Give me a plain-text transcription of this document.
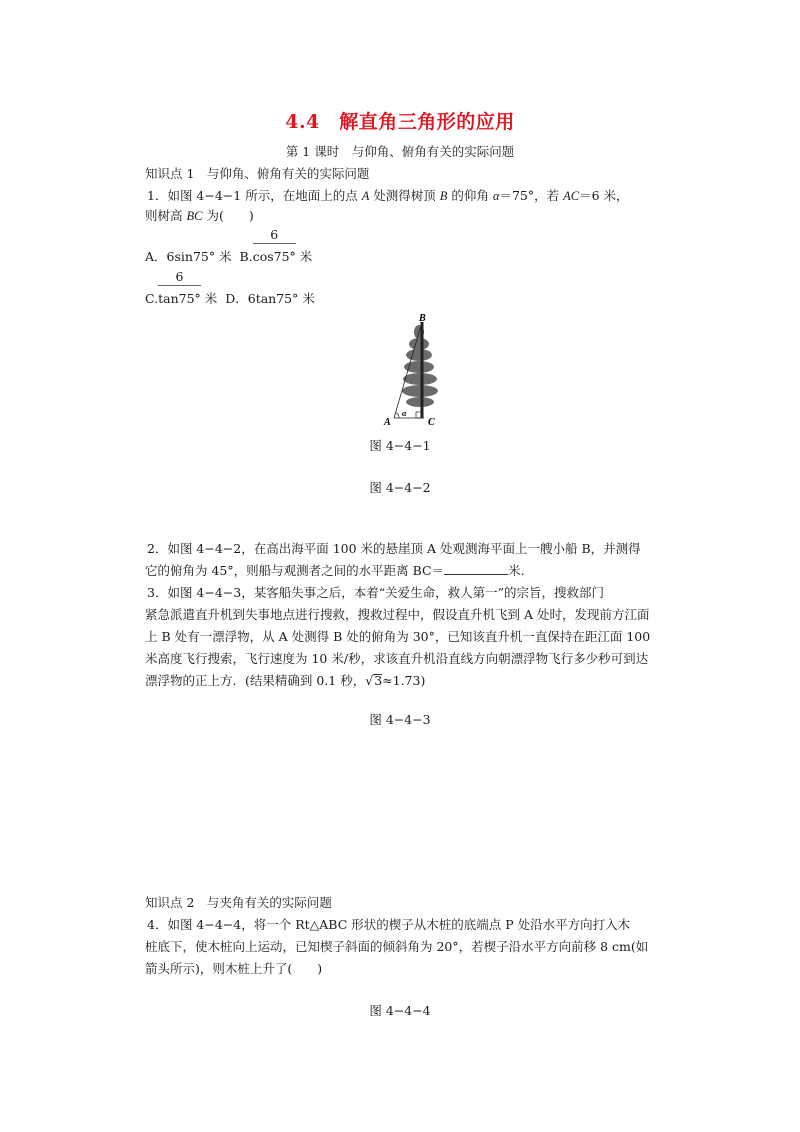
4.4　解直角三角形的应用
第 1 课时　与仰角、俯角有关的实际问题
知识点 1　与仰角、俯角有关的实际问题
1．如图 4−4−1 所示，在地面上的点 A 处测得树顶 B 的仰角 α＝75°，若 AC＝6 米，
则树高 BC 为(　　)
A．6sin75° 米 B. $\frac{6}{\cos 75^\circ}$ 米
C. $\frac{6}{\tan 75^\circ}$ 米 D．6tan75° 米
B
A	C
α
图 4−4−1
图 4−4−2
2．如图 4−4−2，在高出海平面 100 米的悬崖顶 A 处观测海平面上一艘小船 B，并测得
它的俯角为 45°，则船与观测者之间的水平距离 BC＝	米.
3．如图 4−4−3，某客船失事之后，本着“关爱生命，救人第一”的宗旨，搜救部门
紧急派遣直升机到失事地点进行搜救，搜救过程中，假设直升机飞到 A 处时，发现前方江面
上 B 处有一漂浮物，从 A 处测得 B 处的俯角为 30°，已知该直升机一直保持在距江面 100
米高度飞行搜索，飞行速度为 10 米/秒，求该直升机沿直线方向朝漂浮物飞行多少秒可到达
漂浮物的正上方．(结果精确到 0.1 秒，√3≈1.73)
图 4−4−3
知识点 2　与夹角有关的实际问题
4．如图 4−4−4，将一个 Rt△ABC 形状的楔子从木桩的底端点 P 处沿水平方向打入木
桩底下，使木桩向上运动，已知楔子斜面的倾斜角为 20°，若楔子沿水平方向前移 8 cm(如
箭头所示)，则木桩上升了(　　)
图 4−4−4
